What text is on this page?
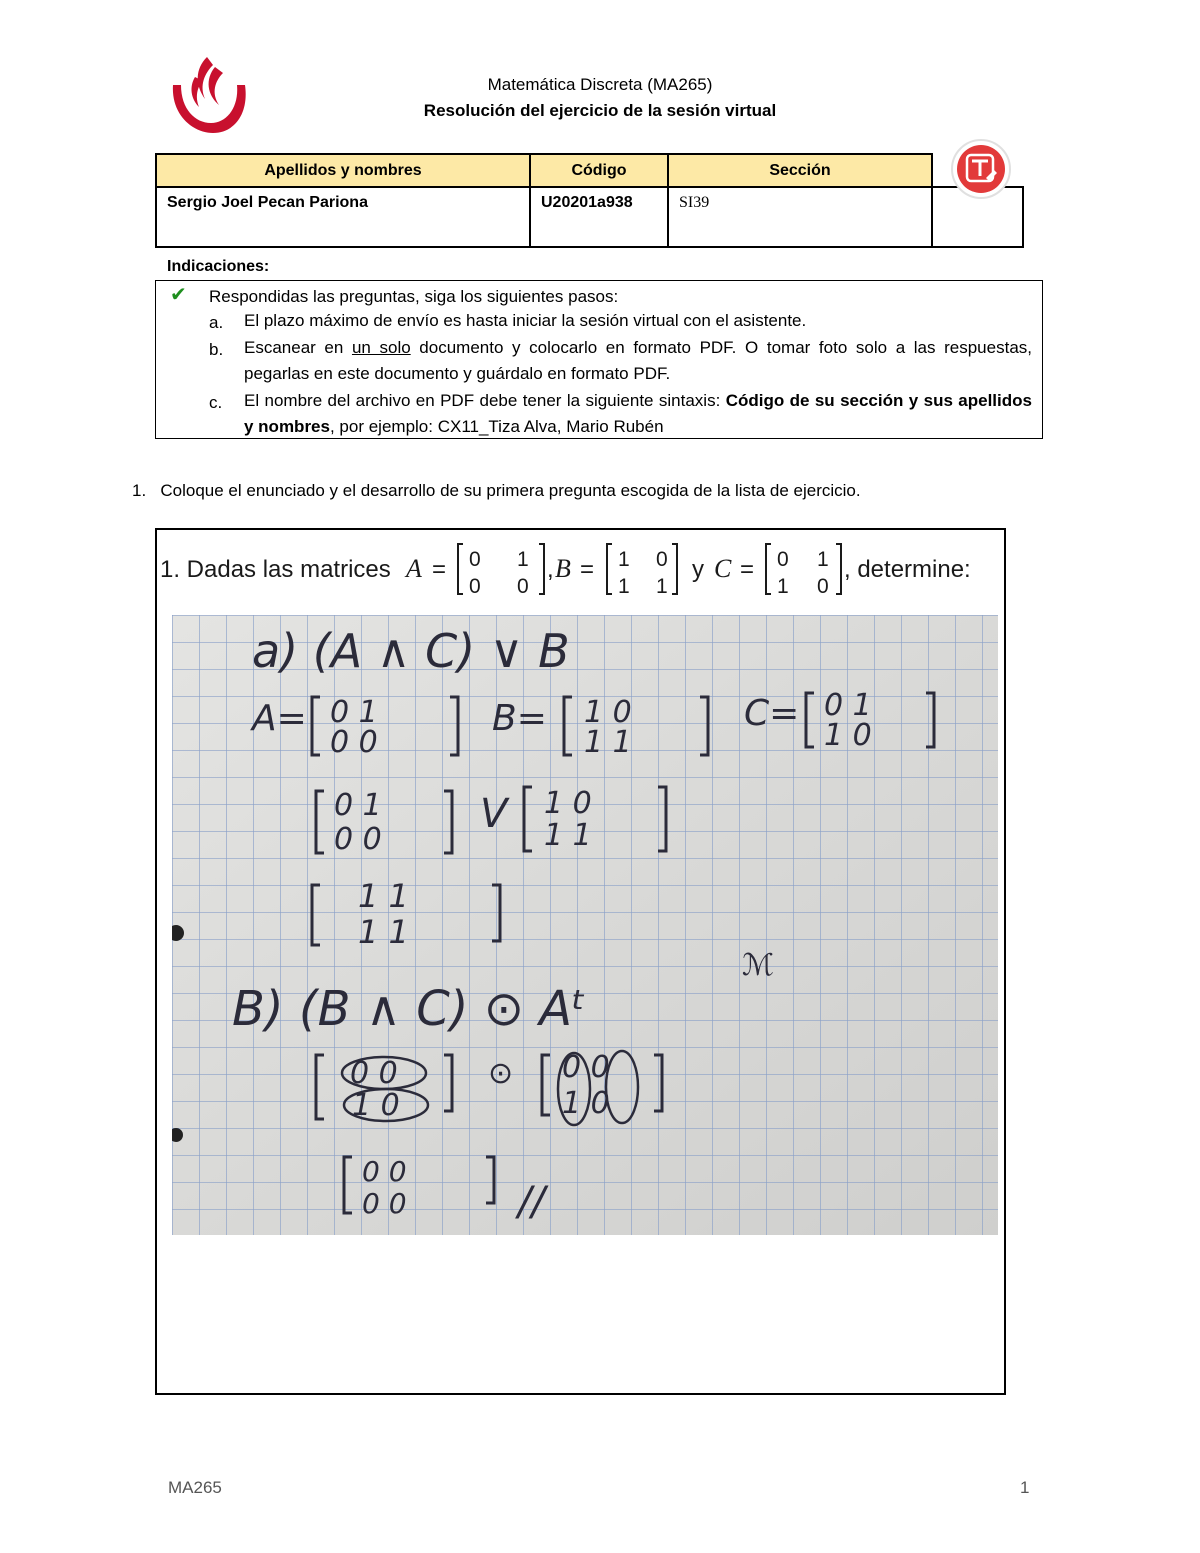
Matemática Discreta (MA265)
Resolución del ejercicio de la sesión virtual
Apellidos y nombres	Código	Sección	
Sergio Joel Pecan Pariona	U20201a938	SI39	
Indicaciones:
✔ Respondidas las preguntas, siga los siguientes pasos:
a. El plazo máximo de envío es hasta iniciar la sesión virtual con el asistente.
b. Escanear en un solo documento y colocarlo en formato PDF. O tomar foto solo a las respuestas, pegarlas en este documento y guárdalo en formato PDF.
c. El nombre del archivo en PDF debe tener la siguiente sintaxis: Código de su sección y sus apellidos y nombres, por ejemplo: CX11_Tiza Alva, Mario Rubén
1. Coloque el enunciado y el desarrollo de su primera pregunta escogida de la lista de ejercicio.
1. Dadas las matrices A = 0 1
0 0
, B = 1 0
1 1
y C = 0 1
1 0
, determine:
a) (A ∧ C) ∨ B
A= 0 1
0 0
B= 1 0
1 1
C= 0 1
1 0
0 1
0 0
V 1 0
1 1
1 1
1 1
ℳ
B) (B ∧ C) ⊙ Aᵗ
0 0
1 0
⊙ 0 0
1 0
0 0
0 0	//
MA265	1
